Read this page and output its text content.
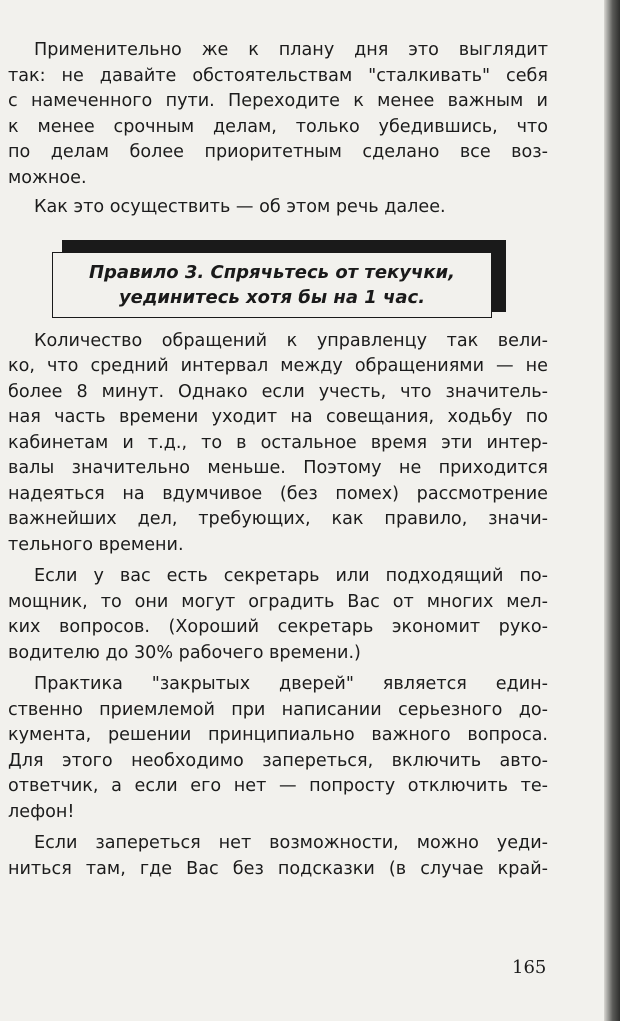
Применительно же к плану дня это выглядит
так: не давайте обстоятельствам "сталкивать" себя
с намеченного пути. Переходите к менее важным и
к менее срочным делам, только убедившись, что
по делам более приоритетным сделано все воз-
можное.

Как это осуществить — об этом речь далее.

Количество обращений к управленцу так вели-
ко, что средний интервал между обращениями — не
более 8 минут. Однако если учесть, что значитель-
ная часть времени уходит на совещания, ходьбу по
кабинетам и т.д., то в остальное время эти интер-
валы значительно меньше. Поэтому не приходится
надеяться на вдумчивое (без помех) рассмотрение
важнейших дел, требующих, как правило, значи-
тельного времени.

Если у вас есть секретарь или подходящий по-
мощник, то они могут оградить Вас от многих мел-
ких вопросов. (Хороший секретарь экономит руко-
водителю до 30% рабочего времени.)

Практика "закрытых дверей" является един-
ственно приемлемой при написании серьезного до-
кумента, решении принципиально важного вопроса.
Для этого необходимо запереться, включить авто-
ответчик, а если его нет — попросту отключить те-
лефон!

Если запереться нет возможности, можно уеди-
ниться там, где Вас без подсказки (в случае край-

Правило 3. Спрячьтесь от текучки,
уединитесь хотя бы на 1 час.
165
